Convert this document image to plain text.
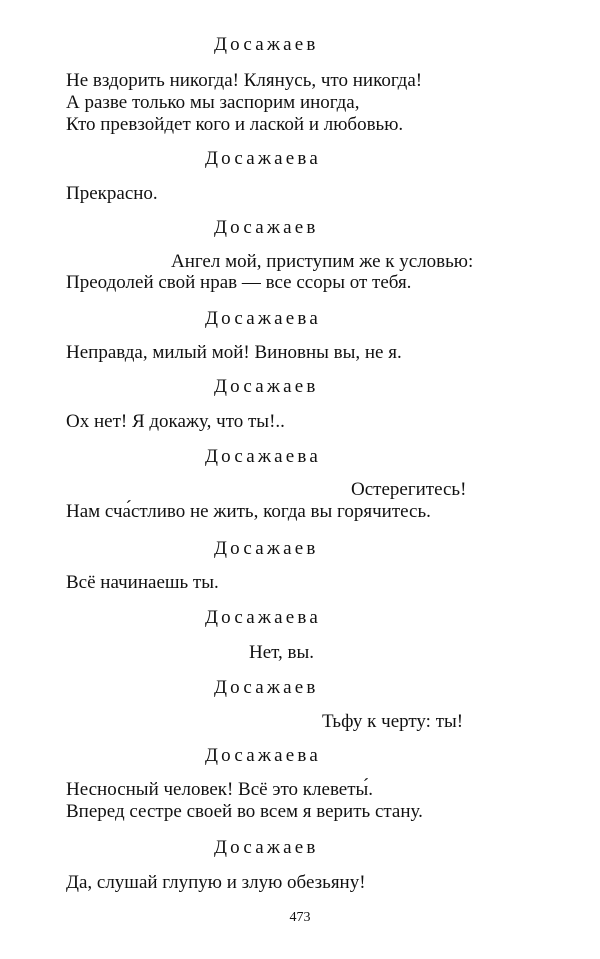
Досажаев
Не вздорить никогда! Клянусь, что никогда!
А разве только мы заспорим иногда,
Кто превзойдет кого и лаской и любовью.
Досажаева
Прекрасно.
Досажаев
Ангел мой, приступим же к условью:
Преодолей свой нрав — все ссоры от тебя.
Досажаева
Неправда, милый мой! Виновны вы, не я.
Досажаев
Ох нет! Я докажу, что ты!..
Досажаева
Остерегитесь!
Нам сча́стливо не жить, когда вы горячитесь.
Досажаев
Всё начинаешь ты.
Досажаева
Нет, вы.
Досажаев
Тьфу к черту: ты!
Досажаева
Несносный человек! Всё это клеветы́.
Вперед сестре своей во всем я верить стану.
Досажаев
Да, слушай глупую и злую обезьяну!
473
